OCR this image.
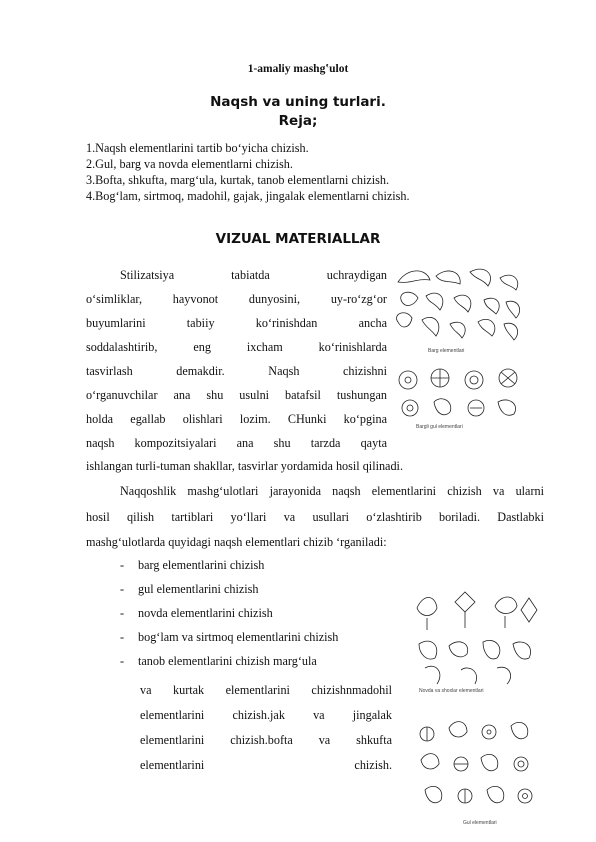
1-amaliy mashgʽulot
Naqsh va uning turlari.
Reja;
1.Naqsh elementlarini tartib bo‘yicha chizish.
2.Gul, barg va novda elementlarni chizish.
3.Bofta, shkufta, marg‘ula, kurtak, tanob elementlarni chizish.
4.Bog‘lam, sirtmoq, madohil, gajak, jingalak elementlarni chizish.
VIZUAL MATERIALLAR
Stilizatsiya tabiatda uchraydigan
o‘simliklar, hayvonot dunyosini, uy-ro‘zg‘or
buyumlarini tabiiy ko‘rinishdan ancha
soddalashtirib, eng ixcham ko‘rinishlarda
tasvirlash demakdir. Naqsh chizishni
o‘rganuvchilar ana shu usulni batafsil tushungan
holda egallab olishlari lozim. CHunki ko‘pgina
naqsh kompozitsiyalari ana shu tarzda qayta
ishlangan turli-tuman shakllar, tasvirlar yordamida hosil qilinadi.
Naqqoshlik mashg‘ulotlari jarayonida naqsh elementlarini chizish va ularni
hosil qilish tartiblari yo‘llari va usullari o‘zlashtirib boriladi. Dastlabki
mashg‘ulotlarda quyidagi naqsh elementlari chizib ‘rganiladi:
- barg elementlarini chizish
- gul elementlarini chizish
- novda elementlarini chizish
- bog‘lam va sirtmoq elementlarini chizish
- tanob elementlarini chizish marg‘ula
va kurtak elementlarini chizishnmadohil
elementlarini chizish.jak va jingalak
elementlarini chizish.bofta va shkufta
elementlarini chizish.
Barg elementlari
Bargli gul elementlari
Novda va shoxlar elementlari
Gul elementlari
